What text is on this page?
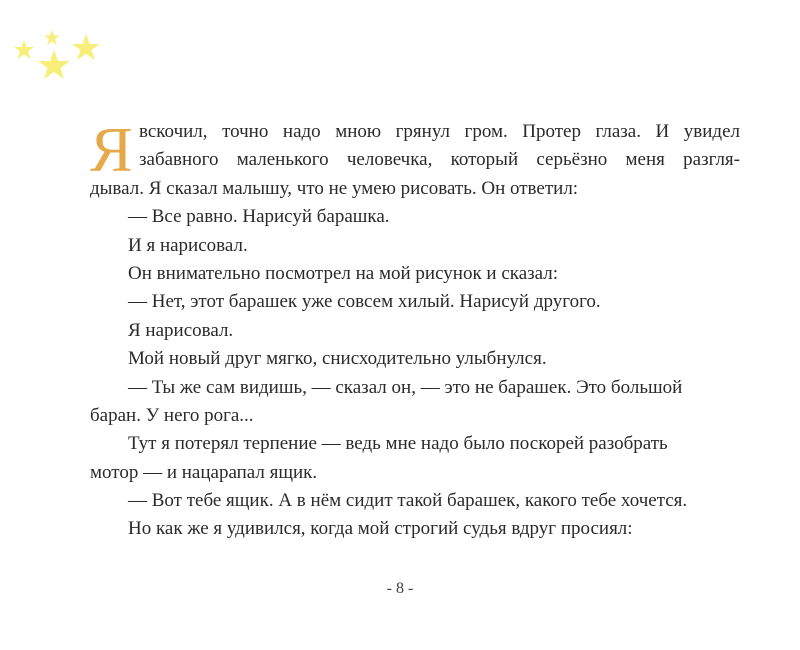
Я вскочил, точно надо мною грянул гром. Протер глаза. И увидел
забавного маленького человечка, который серьёзно меня разгля-
дывал. Я сказал малышу, что не умею рисовать. Он ответил:
— Все равно. Нарисуй барашка.
И я нарисовал.
Он внимательно посмотрел на мой рисунок и сказал:
— Нет, этот барашек уже совсем хилый. Нарисуй другого.
Я нарисовал.
Мой новый друг мягко, снисходительно улыбнулся.
— Ты же сам видишь, — сказал он, — это не барашек. Это большой
баран. У него рога...
Тут я потерял терпение — ведь мне надо было поскорей разобрать
мотор — и нацарапал ящик.
— Вот тебе ящик. А в нём сидит такой барашек, какого тебе хочется.
Но как же я удивился, когда мой строгий судья вдруг просиял:
- 8 -
